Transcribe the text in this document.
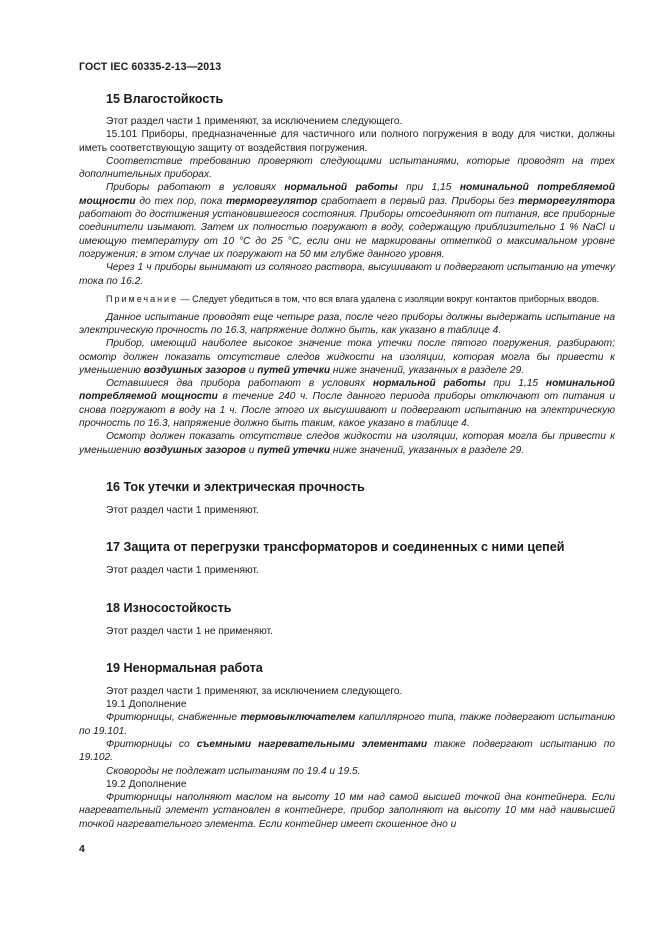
ГОСТ IEC 60335-2-13—2013
15 Влагостойкость

Этот раздел части 1 применяют, за исключением следующего.

15.101 Приборы, предназначенные для частичного или полного погружения в воду для чистки, должны иметь соответствующую защиту от воздействия погружения.

Соответствие требованию проверяют следующими испытаниями, которые проводят на трех дополнительных приборах.

Приборы работают в условиях нормальной работы при 1,15 номинальной потребляемой мощности до тех пор, пока терморегулятор сработает в первый раз. Приборы без терморегулятора работают до достижения установившегося состояния. Приборы отсоединяют от питания, все приборные соединители изымают. Затем их полностью погружают в воду, содержащую приблизительно 1 % NaCl и имеющую температуру от 10 °С до 25 °С, если они не маркированы отметкой о максимальном уровне погружения; в этом случае их погружают на 50 мм глубже данного уровня.

Через 1 ч приборы вынимают из соляного раствора, высушивают и подвергают испытанию на утечку тока по 16.2.

Примечание — Следует убедиться в том, что вся влага удалена с изоляции вокруг контактов приборных вводов.

Данное испытание проводят еще четыре раза, после чего приборы должны выдержать испытание на электрическую прочность по 16.3, напряжение должно быть, как указано в таблице 4.

Прибор, имеющий наиболее высокое значение тока утечки после пятого погружения, разбирают; осмотр должен показать отсутствие следов жидкости на изоляции, которая могла бы привести к уменьшению воздушных зазоров и путей утечки ниже значений, указанных в разделе 29.

Оставшиеся два прибора работают в условиях нормальной работы при 1,15 номинальной потребляемой мощности в течение 240 ч. После данного периода приборы отключают от питания и снова погружают в воду на 1 ч. После этого их высушивают и подвергают испытанию на электрическую прочность по 16.3, напряжение должно быть таким, какое указано в таблице 4.

Осмотр должен показать отсутствие следов жидкости на изоляции, которая могла бы привести к уменьшению воздушных зазоров и путей утечки ниже значений, указанных в разделе 29.

16 Ток утечки и электрическая прочность

Этот раздел части 1 применяют.

17 Защита от перегрузки трансформаторов и соединенных с ними цепей

Этот раздел части 1 применяют.

18 Износостойкость

Этот раздел части 1 не применяют.

19 Ненормальная работа

Этот раздел части 1 применяют, за исключением следующего.

19.1 Дополнение

Фритюрницы, снабженные термовыключателем капиллярного типа, также подвергают испытанию по 19.101.

Фритюрницы со съемными нагревательными элементами также подвергают испытанию по 19.102.

Сковороды не подлежат испытаниям по 19.4 и 19.5.

19.2 Дополнение

Фритюрницы наполняют маслом на высоту 10 мм над самой высшей точкой дна контейнера. Если нагревательный элемент установлен в контейнере, прибор заполняют на высоту 10 мм над наивысшей точкой нагревательного элемента. Если контейнер имеет скошенное дно и

4
